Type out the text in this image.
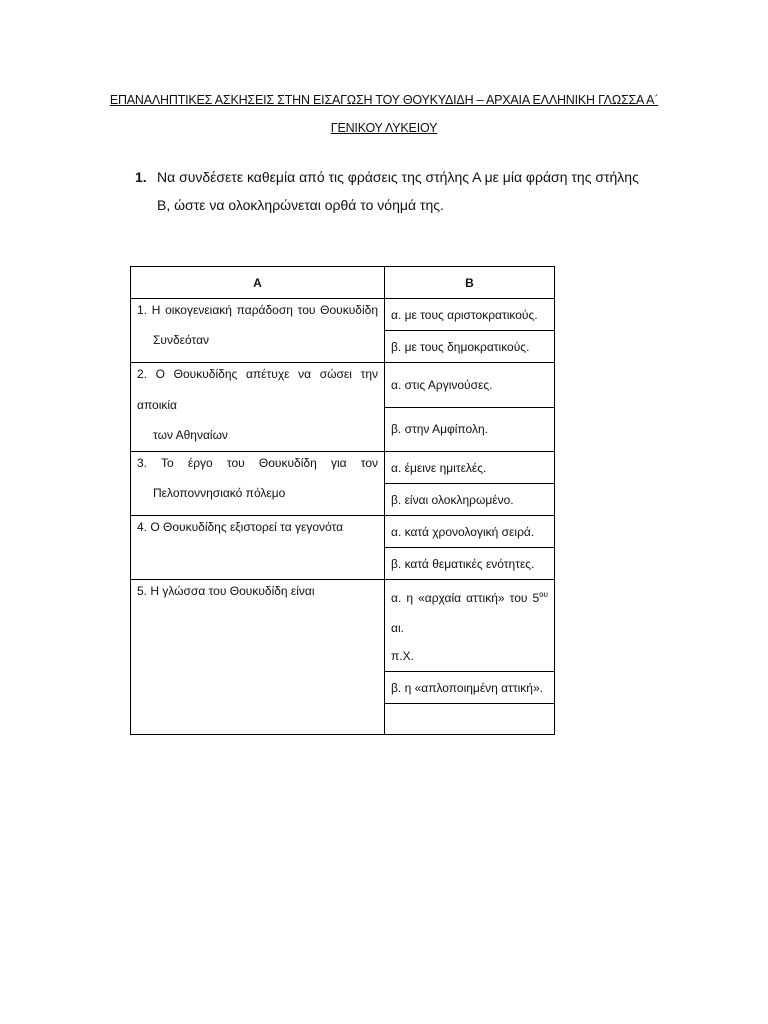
ΕΠΑΝΑΛΗΠΤΙΚΕΣ ΑΣΚΗΣΕΙΣ ΣΤΗΝ ΕΙΣΑΓΩΣΗ ΤΟΥ ΘΟΥΚΥΔΙΔΗ – ΑΡΧΑΙΑ ΕΛΛΗΝΙΚΗ ΓΛΩΣΣΑ Α΄
ΓΕΝΙΚΟΥ ΛΥΚΕΙΟΥ
1. Να συνδέσετε καθεμία από τις φράσεις της στήλης Α με μία φράση της στήλης
Β, ώστε να ολοκληρώνεται ορθά το νόημά της.
Α	Β

1. Η οικογενειακή παράδοση του Θουκυδίδη
Συνδεόταν	α. με τους αριστοκρατικούς.
	β. με τους δημοκρατικούς.

2. Ο Θουκυδίδης απέτυχε να σώσει την αποικία
των Αθηναίων	α. στις Αργινούσες.
	β. στην Αμφίπολη.

3. Το έργο του Θουκυδίδη για τον
Πελοποννησιακό πόλεμο	α. έμεινε ημιτελές.
	β. είναι ολοκληρωμένο.

4. Ο Θουκυδίδης εξιστορεί τα γεγονότα	α. κατά χρονολογική σειρά.
	β. κατά θεματικές ενότητες.

5. Η γλώσσα του Θουκυδίδη είναι	α. η «αρχαία αττική» του $5^{o\upsilon}$ αι.
π.Χ.

	β. η «απλοποιημένη αττική».
